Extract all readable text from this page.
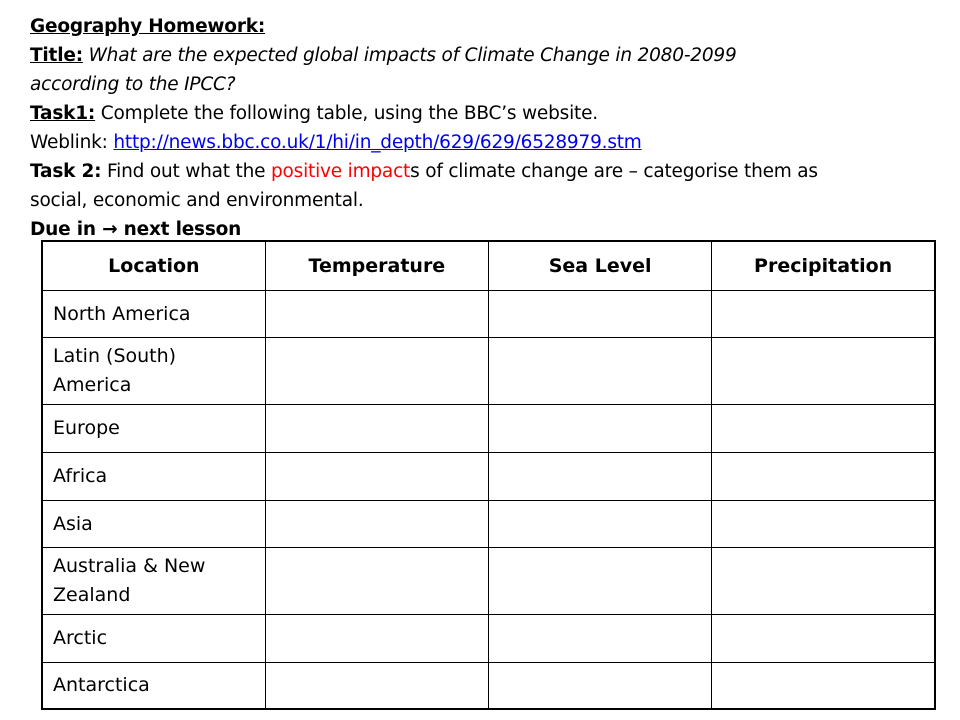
Geography Homework:
Title: What are the expected global impacts of Climate Change in 2080-2099
according to the IPCC?
Task1: Complete the following table, using the BBC’s website.
Weblink: http://news.bbc.co.uk/1/hi/in_depth/629/629/6528979.stm
Task 2: Find out what the positive impacts of climate change are – categorise them as
social, economic and environmental.
Due in → next lesson
Location	Temperature	Sea Level	Precipitation
North America			
Latin (South) America			
Europe			
Africa			
Asia			
Australia & New Zealand			
Arctic			
Antarctica			
